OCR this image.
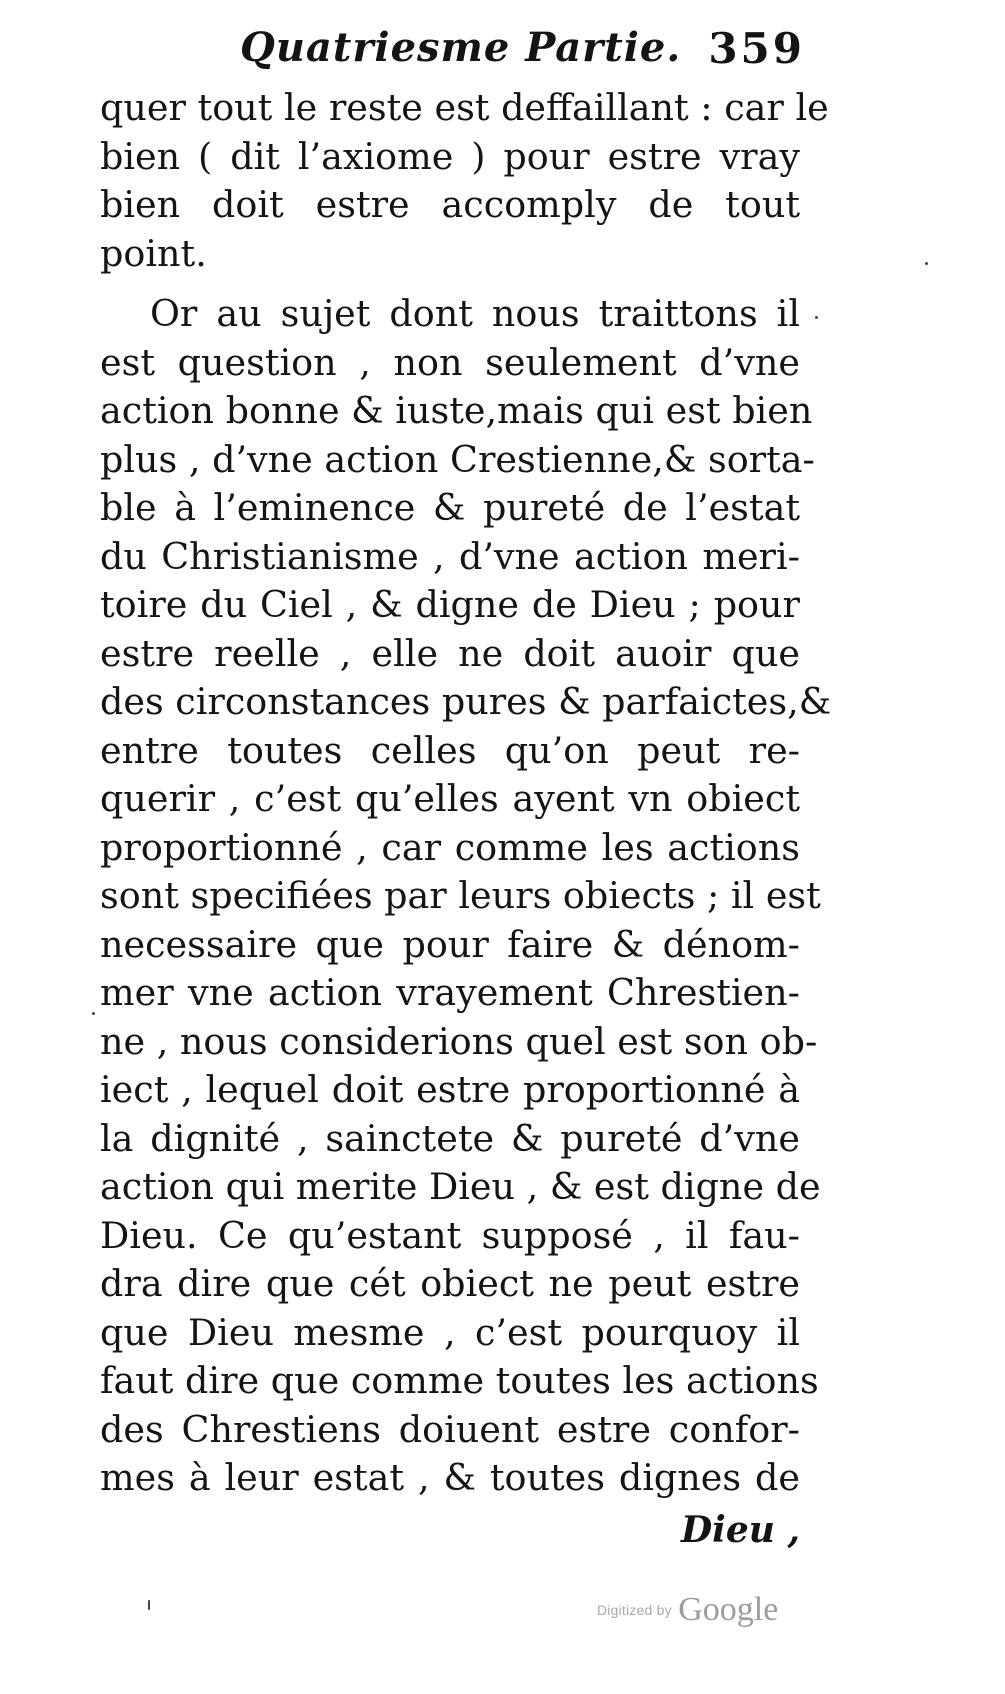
Quatriesme Partie. 359
quer tout le reste est deffaillant : car le
bien ( dit l’axiome ) pour estre vray
bien doit estre accomply de tout
point.
Or au sujet dont nous traittons il
est question , non seulement d’vne
action bonne & iuste,mais qui est bien
plus , d’vne action Crestienne,& sorta-
ble à l’eminence & pureté de l’estat
du Christianisme , d’vne action meri-
toire du Ciel , & digne de Dieu ; pour
estre reelle , elle ne doit auoir que
des circonstances pures & parfaictes,&
entre toutes celles qu’on peut re-
querir , c’est qu’elles ayent vn obiect
proportionné , car comme les actions
sont specifiées par leurs obiects ; il est
necessaire que pour faire & dénom-
mer vne action vrayement Chrestien-
ne , nous considerions quel est son ob-
iect , lequel doit estre proportionné à
la dignité , sainctete & pureté d’vne
action qui merite Dieu , & est digne de
Dieu. Ce qu’estant supposé , il fau-
dra dire que cét obiect ne peut estre
que Dieu mesme , c’est pourquoy il
faut dire que comme toutes les actions
des Chrestiens doiuent estre confor-
mes à leur estat , & toutes dignes de
Dieu ,
Digitized by Google
